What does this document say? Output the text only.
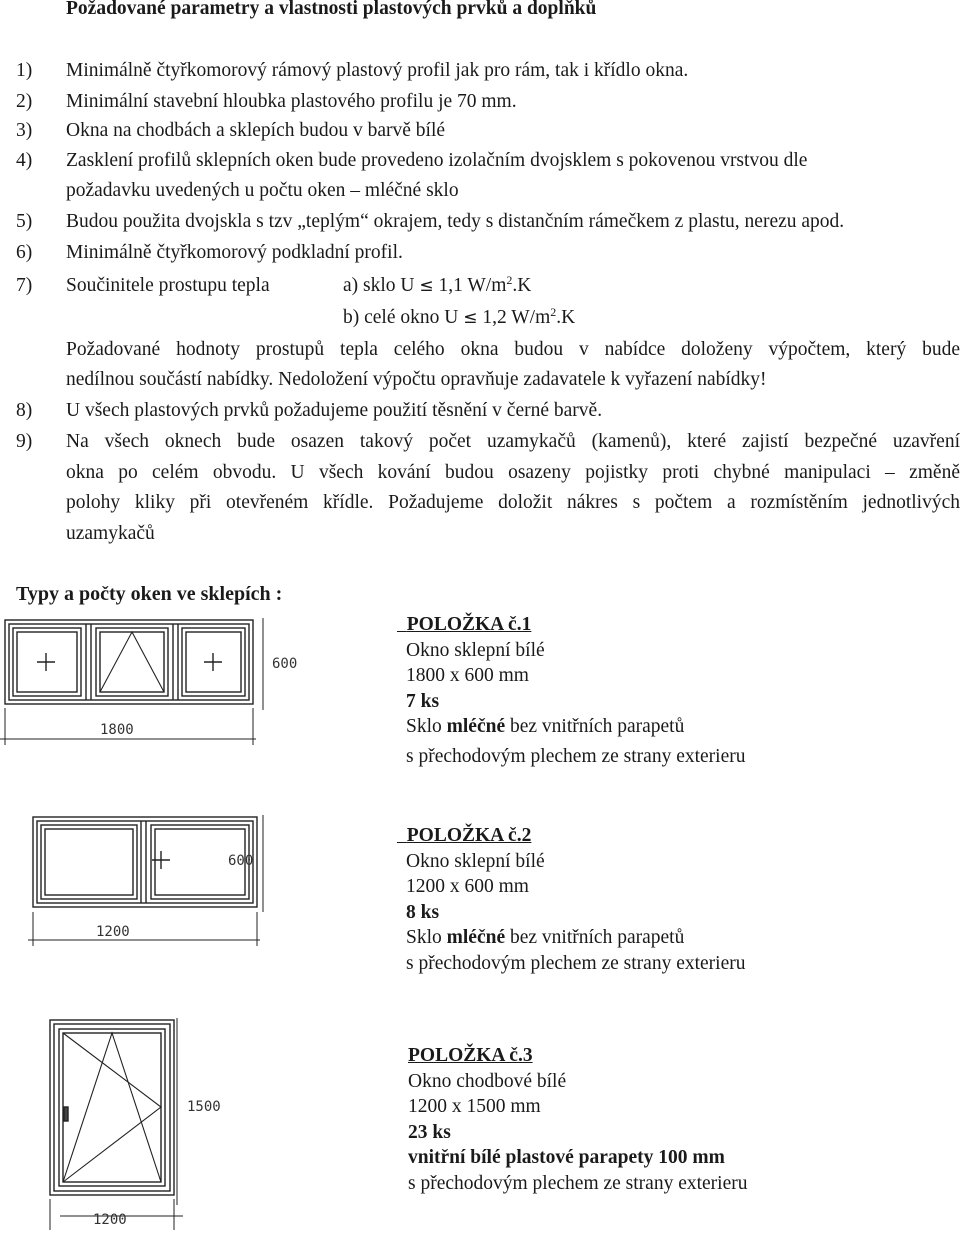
Požadované parametry a vlastnosti plastových prvků a doplňků
1) Minimálně čtyřkomorový rámový plastový profil jak pro rám, tak i křídlo okna.
2) Minimální stavební hloubka plastového profilu je 70 mm.
3) Okna na chodbách a sklepích budou v barvě bílé
4) Zasklení profilů sklepních oken bude provedeno izolačním dvojsklem s pokovenou vrstvou dle
požadavku uvedených u počtu oken – mléčné sklo
5) Budou použita dvojskla s tzv „teplým“ okrajem, tedy s distančním rámečkem z plastu, nerezu apod.
6) Minimálně čtyřkomorový podkladní profil.
7) Součinitele prostupu tepla	a) sklo U ≤ 1,1 $W/m^2.K$
b) celé okno U ≤ 1,2 $W/m^2.K$
Požadované hodnoty prostupů tepla celého okna budou v nabídce doloženy výpočtem, který bude
nedílnou součástí nabídky. Nedoložení výpočtu opravňuje zadavatele k vyřazení nabídky!
8) U všech plastových prvků požadujeme použití těsnění v černé barvě.
9) Na všech oknech bude osazen takový počet uzamykačů (kamenů), které zajistí bezpečné uzavření
okna po celém obvodu. U všech kování budou osazeny pojistky proti chybné manipulaci – změně
polohy kliky při otevřeném křídle. Požadujeme doložit nákres s počtem a rozmístěním jednotlivých
uzamykačů
Typy a počty oken ve sklepích :
600
1800
POLOŽKA č.1
Okno sklepní bílé
1800 x 600 mm
7 ks
Sklo mléčné bez vnitřních parapetů
s přechodovým plechem ze strany exterieru
600
1200
POLOŽKA č.2
Okno sklepní bílé
1200 x 600 mm
8 ks
Sklo mléčné bez vnitřních parapetů
s přechodovým plechem ze strany exterieru
1500
1200
POLOŽKA č.3
Okno chodbové bílé
1200 x 1500 mm
23 ks
vnitřní bílé plastové parapety 100 mm
s přechodovým plechem ze strany exterieru
